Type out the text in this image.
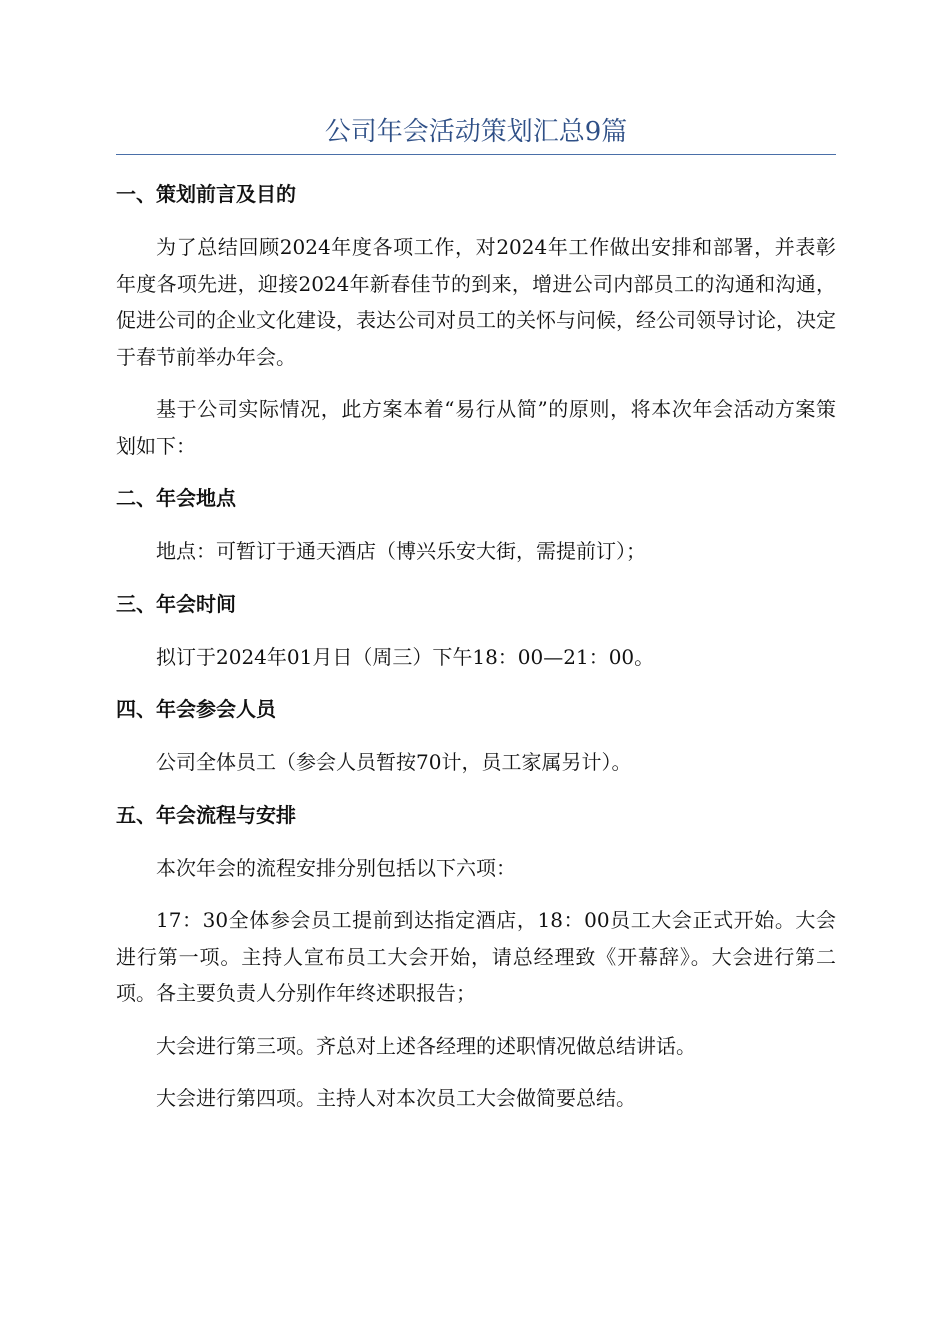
公司年会活动策划汇总9篇
一、策划前言及目的

为了总结回顾2024年度各项工作，对2024年工作做出安排和部署，并表彰年度各项先进，迎接2024年新春佳节的到来，增进公司内部员工的沟通和沟通，促进公司的企业文化建设，表达公司对员工的关怀与问候，经公司领导讨论，决定于春节前举办年会。

基于公司实际情况，此方案本着“易行从简”的原则，将本次年会活动方案策划如下：

二、年会地点

地点：可暂订于通天酒店（博兴乐安大街，需提前订）；

三、年会时间

拟订于2024年01月日（周三）下午18：00—21：00。

四、年会参会人员

公司全体员工（参会人员暂按70计，员工家属另计）。

五、年会流程与安排

本次年会的流程安排分别包括以下六项：

17：30全体参会员工提前到达指定酒店，18：00员工大会正式开始。大会进行第一项。主持人宣布员工大会开始，请总经理致《开幕辞》。大会进行第二项。各主要负责人分别作年终述职报告；

大会进行第三项。齐总对上述各经理的述职情况做总结讲话。

大会进行第四项。主持人对本次员工大会做简要总结。
